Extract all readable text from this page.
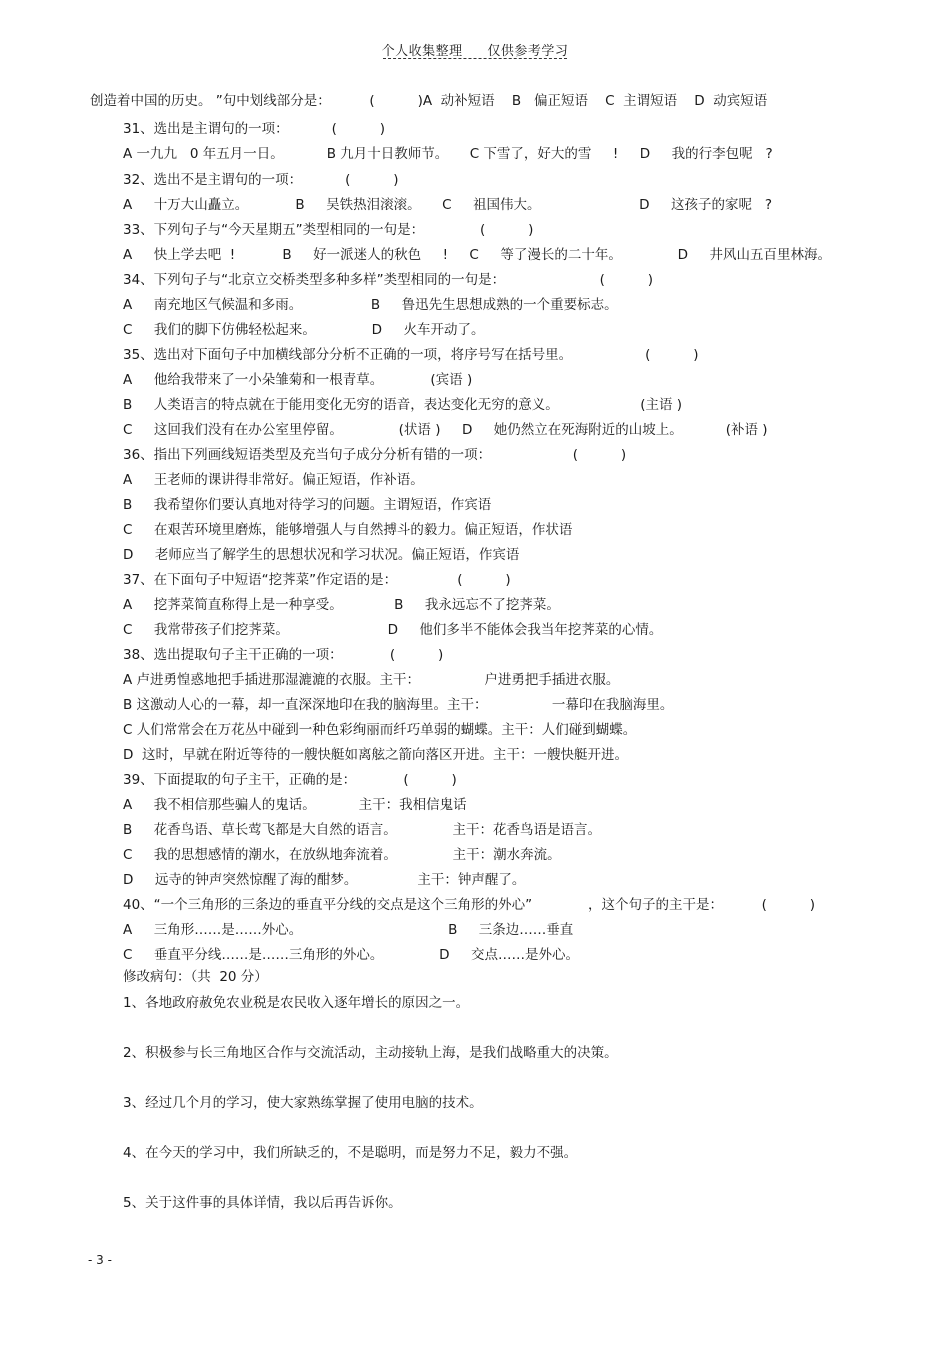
个人收集整理 仅供参考学习
创造着中国的历史。 ”句中划线部分是：         (          )A  动补短语    B   偏正短语    C  主谓短语    D  动宾短语
31、选出是主谓句的一项：          (          )
A 一九九   0 年五月一日。          B 九月十日教师节。     C 下雪了，好大的雪     !     D     我的行李包呢   ?
32、选出不是主谓句的一项：          (          )
A     十万大山矗立。           B     吴铁热泪滚滚。     C     祖国伟大。                       D     这孩子的家呢   ?
33、下列句子与“今天星期五”类型相同的一句是：             (          )
A     快上学去吧  !           B     好一派迷人的秋色     !     C     等了漫长的二十年。             D     井风山五百里林海。
34、下列句子与“北京立交桥类型多种多样”类型相同的一句是：                      (          )
A     南充地区气候温和多雨。                B     鲁迅先生思想成熟的一个重要标志。
C     我们的脚下仿佛轻松起来。             D     火车开动了。
35、选出对下面句子中加横线部分分析不正确的一项，将序号写在括号里。                 (          )
A     他给我带来了一小朵雏菊和一根青草。           (宾语 )
B     人类语言的特点就在于能用变化无穷的语音，表达变化无穷的意义。                   (主语 )
C     这回我们没有在办公室里停留。             (状语 )     D     她仍然立在死海附近的山坡上。          (补语 )
36、指出下列画线短语类型及充当句子成分分析有错的一项：                   (          )
A     王老师的课讲得非常好。偏正短语，作补语。
B     我希望你们要认真地对待学习的问题。主谓短语，作宾语
C     在艰苦环境里磨炼，能够增强人与自然搏斗的毅力。偏正短语，作状语
D     老师应当了解学生的思想状况和学习状况。偏正短语，作宾语
37、在下面句子中短语“挖荠菜”作定语的是：              (          )
A     挖荠菜简直称得上是一种享受。            B     我永远忘不了挖荠菜。
C     我常带孩子们挖荠菜。                       D     他们多半不能体会我当年挖荠菜的心情。
38、选出提取句子主干正确的一项：           (          )
A 卢进勇惶惑地把手插进那湿漉漉的衣服。主干：               户进勇把手插进衣服。
B 这激动人心的一幕，却一直深深地印在我的脑海里。主干：               一幕印在我脑海里。
C 人们常常会在万花丛中碰到一种色彩绚丽而纤巧单弱的蝴蝶。主干：人们碰到蝴蝶。
D  这时，早就在附近等待的一艘快艇如离舷之箭向落区开进。主干：一艘快艇开进。
39、下面提取的句子主干，正确的是：           (          )
A     我不相信那些骗人的鬼话。          主干：我相信鬼话
B     花香鸟语、草长莺飞都是大自然的语言。             主干：花香鸟语是语言。
C     我的思想感情的潮水，在放纵地奔流着。             主干：潮水奔流。
D     远寺的钟声突然惊醒了海的酣梦。              主干：钟声醒了。
40、“一个三角形的三条边的垂直平分线的交点是这个三角形的外心”             ，这个句子的主干是：         (          )
A     三角形……是……外心。                                  B     三条边……垂直
C     垂直平分线……是……三角形的外心。             D     交点……是外心。
修改病句：（共  20 分）
1、各地政府赦免农业税是农民收入逐年增长的原因之一。
2、积极参与长三角地区合作与交流活动，主动接轨上海，是我们战略重大的决策。
3、经过几个月的学习，使大家熟练掌握了使用电脑的技术。
4、在今天的学习中，我们所缺乏的，不是聪明，而是努力不足，毅力不强。
5、关于这件事的具体详情，我以后再告诉你。
- 3 -
